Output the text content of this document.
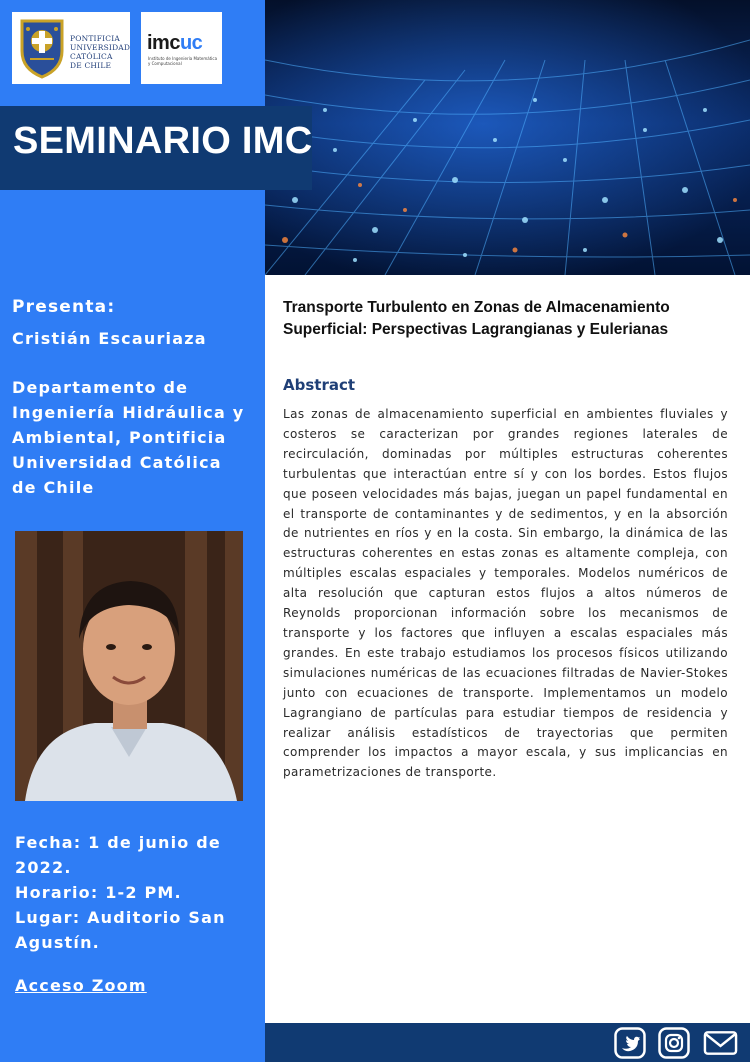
PONTIFICIA
UNIVERSIDAD
CATÓLICA
DE CHILE
imcuc
Instituto de Ingeniería Matemática y Computacional
SEMINARIO IMC
Presenta:
Cristián Escauriaza
Departamento de Ingeniería Hidráulica y Ambiental, Pontificia Universidad Católica de Chile
Fecha: 1 de junio de 2022.
Horario: 1-2 PM.
Lugar: Auditorio San Agustín.
Acceso Zoom
Transporte Turbulento en Zonas de Almacenamiento Superficial: Perspectivas Lagrangianas y Eulerianas
Abstract
Las zonas de almacenamiento superficial en ambientes fluviales y costeros se caracterizan por grandes regiones laterales de recirculación, dominadas por múltiples estructuras coherentes turbulentas que interactúan entre sí y con los bordes. Estos flujos que poseen velocidades más bajas, juegan un papel fundamental en el transporte de contaminantes y de sedimentos, y en la absorción de nutrientes en ríos y en la costa. Sin embargo, la dinámica de las estructuras coherentes en estas zonas es altamente compleja, con múltiples escalas espaciales y temporales. Modelos numéricos de alta resolución que capturan estos flujos a altos números de Reynolds proporcionan información sobre los mecanismos de transporte y los factores que influyen a escalas espaciales más grandes. En este trabajo estudiamos los procesos físicos utilizando simulaciones numéricas de las ecuaciones filtradas de Navier-Stokes junto con ecuaciones de transporte. Implementamos un modelo Lagrangiano de partículas para estudiar tiempos de residencia y realizar análisis estadísticos de trayectorias que permiten comprender los impactos a mayor escala, y sus implicancias en parametrizaciones de transporte.
